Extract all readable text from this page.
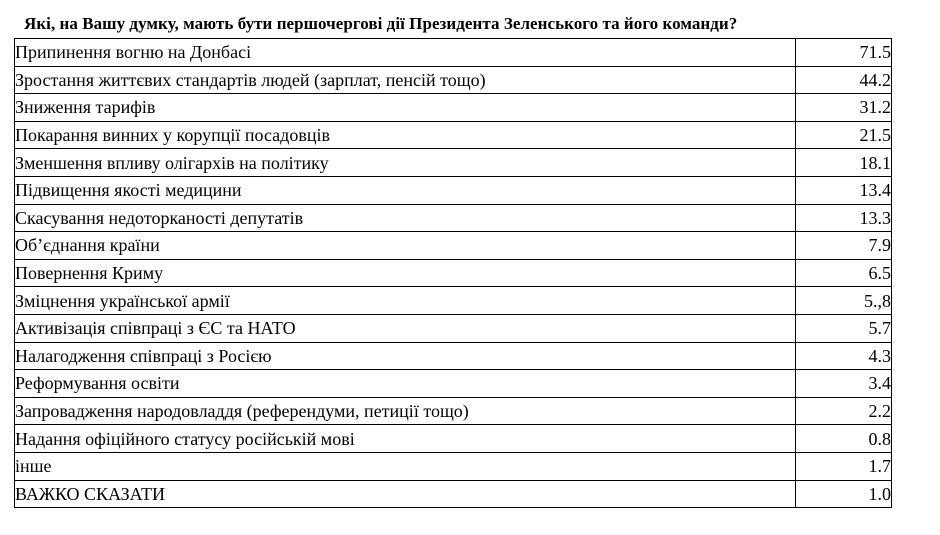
Які, на Вашу думку, мають бути першочергові дії Президента Зеленського та його команди?
Припинення вогню на Донбасі	71.5
Зростання життєвих стандартів людей (зарплат, пенсій тощо)	44.2
Зниження тарифів	31.2
Покарання винних у корупції посадовців	21.5
Зменшення впливу олігархів на політику	18.1
Підвищення якості медицини	13.4
Скасування недоторканості депутатів	13.3
Об’єднання країни	7.9
Повернення Криму	6.5
Зміцнення української армії	5.,8
Активізація співпраці з ЄС та НАТО	5.7
Налагодження співпраці з Росією	4.3
Реформування освіти	3.4
Запровадження народовладдя (референдуми, петиції тощо)	2.2
Надання офіційного статусу російській мові	0.8
інше	1.7
ВАЖКО СКАЗАТИ	1.0
